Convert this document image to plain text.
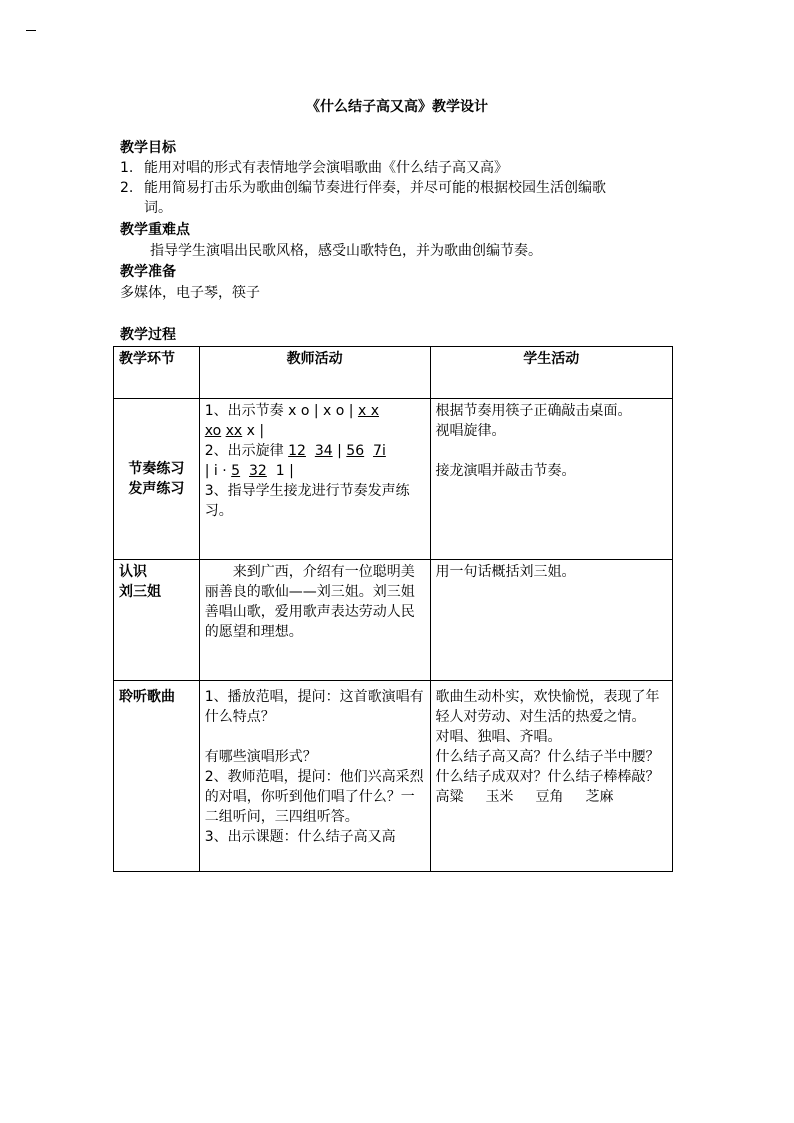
《什么结子高又高》教学设计
教学目标
1. 能用对唱的形式有表情地学会演唱歌曲《什么结子高又高》
2. 能用简易打击乐为歌曲创编节奏进行伴奏，并尽可能的根据校园生活创编歌
词。
教学重难点
指导学生演唱出民歌风格，感受山歌特色，并为歌曲创编节奏。
教学准备
多媒体，电子琴，筷子
教学过程
教学环节	教师活动	学生活动

节奏练习
发声练习	1、出示节奏 x o | x o | x x
xo xx x |
2、出示旋律 12 34 | 56 7i
| i · 5 32 1 |
3、指导学生接龙进行节奏发声练习。	根据节奏用筷子正确敲击桌面。
视唱旋律。
接龙演唱并敲击节奏。

认识
刘三姐	来到广西，介绍有一位聪明美丽善良的歌仙——刘三姐。刘三姐善唱山歌，爱用歌声表达劳动人民的愿望和理想。	用一句话概括刘三姐。

聆听歌曲	1、播放范唱，提问：这首歌演唱有什么特点？
有哪些演唱形式？
2、教师范唱，提问：他们兴高采烈的对唱，你听到他们唱了什么？一二组听问，三四组听答。
3、出示课题：什么结子高又高	歌曲生动朴实，欢快愉悦，表现了年轻人对劳动、对生活的热爱之情。
对唱、独唱、齐唱。
什么结子高又高？什么结子半中腰？什么结子成双对？什么结子棒棒敲？
高粱 玉米 豆角 芝麻
